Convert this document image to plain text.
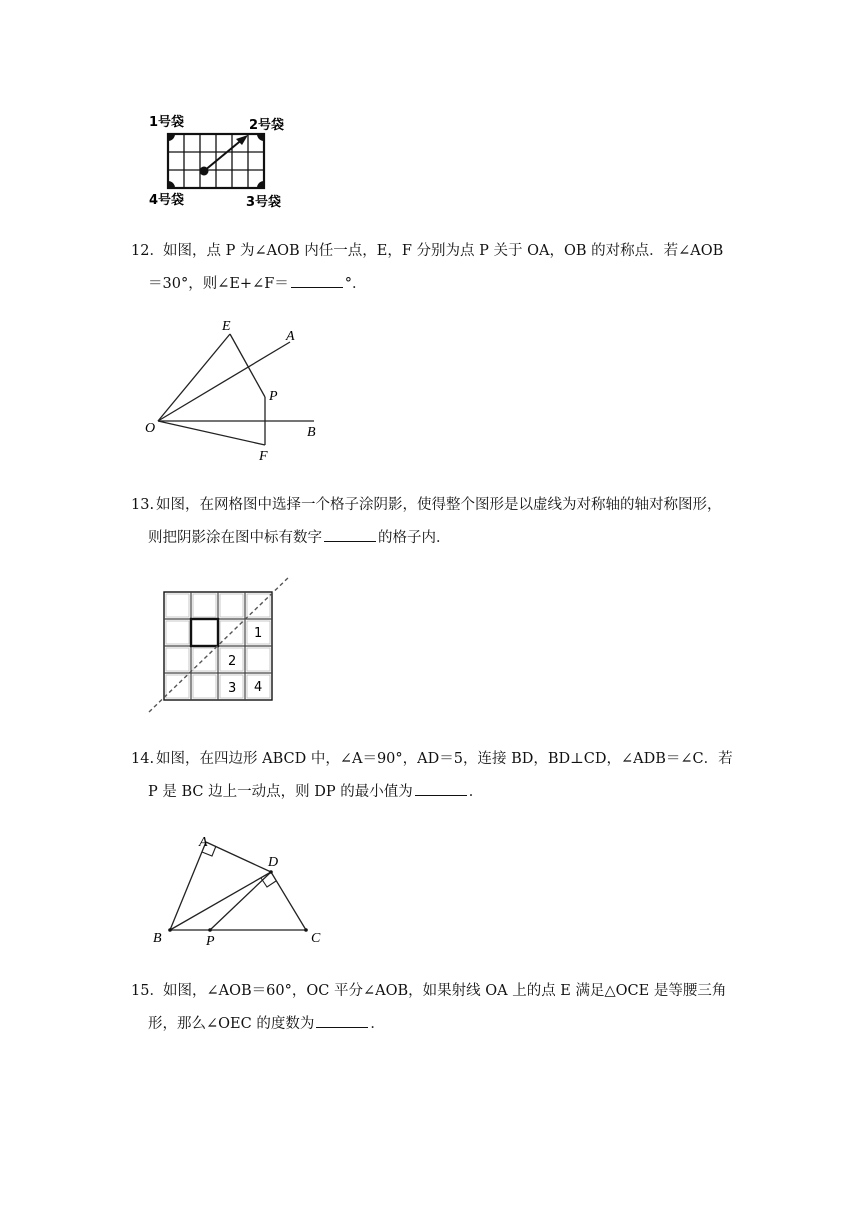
1号袋	2号袋
4号袋	3号袋
12． 如图，点 P 为∠AOB 内任一点，E，F 分别为点 P 关于 OA，OB 的对称点．若∠AOB
＝30°，则∠E+∠F＝	°．
O
E
A
P
B
F
13. 如图，在网格图中选择一个格子涂阴影，使得整个图形是以虚线为对称轴的轴对称图形，
则把阴影涂在图中标有数字	的格子内．
1
2
3 4
14. 如图，在四边形 ABCD 中，∠A＝90°，AD＝5，连接 BD，BD⊥CD，∠ADB＝∠C．若
P 是 BC 边上一动点，则 DP 的最小值为	．
A
D
B	P	C
15． 如图，∠AOB＝60°，OC 平分∠AOB，如果射线 OA 上的点 E 满足△OCE 是等腰三角
形，那么∠OEC 的度数为	．
